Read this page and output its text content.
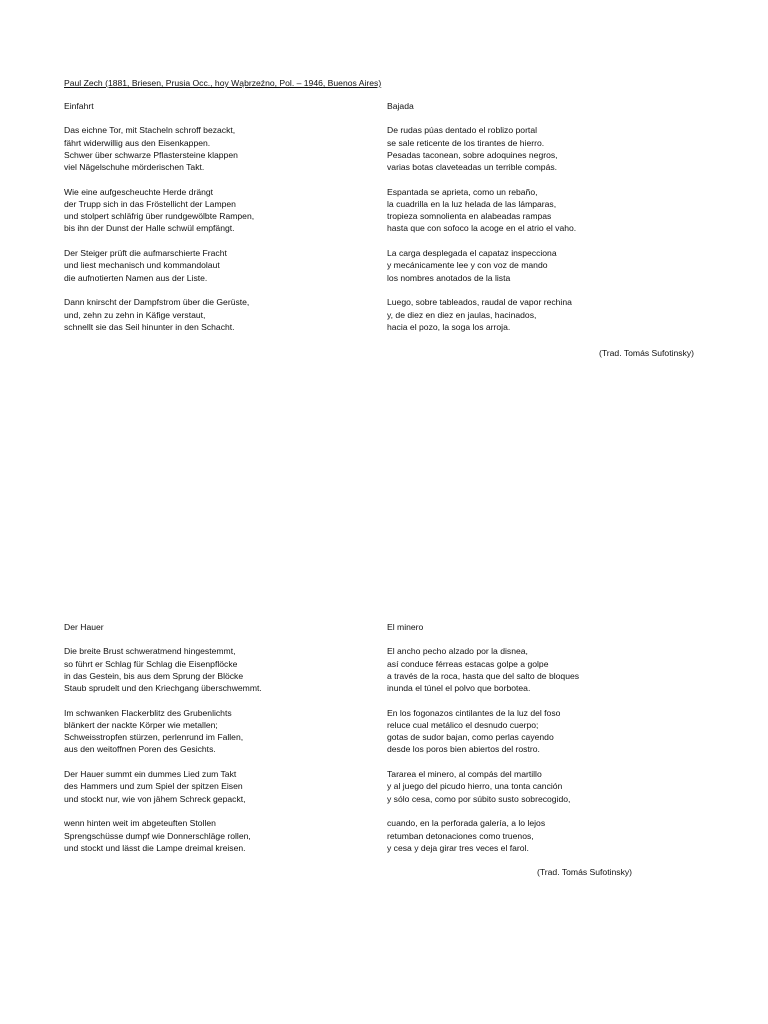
Paul Zech (1881, Briesen, Prusia Occ., hoy Wąbrzeźno, Pol. – 1946, Buenos Aires)
Einfahrt
Das eichne Tor, mit Stacheln schroff bezackt,
fährt widerwillig aus den Eisenkappen.
Schwer über schwarze Pflastersteine klappen
viel Nägelschuhe mörderischen Takt.
Wie eine aufgescheuchte Herde drängt
der Trupp sich in das Fröstellicht der Lampen
und stolpert schläfrig über rundgewölbte Rampen,
bis ihn der Dunst der Halle schwül empfängt.
Der Steiger prüft die aufmarschierte Fracht
und liest mechanisch und kommandolaut
die aufnotierten Namen aus der Liste.
Dann knirscht der Dampfstrom über die Gerüste,
und, zehn zu zehn in Käfige verstaut,
schnellt sie das Seil hinunter in den Schacht.
Bajada
De rudas púas dentado el roblizo portal
se sale reticente de los tirantes de hierro.
Pesadas taconean, sobre adoquines negros,
varias botas claveteadas un terrible compás.
Espantada se aprieta, como un rebaño,
la cuadrilla en la luz helada de las lámparas,
tropieza somnolienta en alabeadas rampas
hasta que con sofoco la acoge en el atrio el vaho.
La carga desplegada el capataz inspecciona
y mecánicamente lee y con voz de mando
los nombres anotados de la lista
Luego, sobre tableados, raudal de vapor rechina
y, de diez en diez en jaulas, hacinados,
hacia el pozo, la soga los arroja.
(Trad. Tomás Sufotinsky)
Der Hauer
Die breite Brust schweratmend hingestemmt,
so führt er Schlag für Schlag die Eisenpflöcke
in das Gestein, bis aus dem Sprung der Blöcke
Staub sprudelt und den Kriechgang überschwemmt.
Im schwanken Flackerblitz des Grubenlichts
blänkert der nackte Körper wie metallen;
Schweisstropfen stürzen, perlenrund im Fallen,
aus den weitoffnen Poren des Gesichts.
Der Hauer summt ein dummes Lied zum Takt
des Hammers und zum Spiel der spitzen Eisen
und stockt nur, wie von jähem Schreck gepackt,
wenn hinten weit im abgeteuften Stollen
Sprengschüsse dumpf wie Donnerschläge rollen,
und stockt und lässt die Lampe dreimal kreisen.
El minero
El ancho pecho alzado por la disnea,
así conduce férreas estacas golpe a golpe
a través de la roca, hasta que del salto de bloques
inunda el túnel el polvo que borbotea.
En los fogonazos cintilantes de la luz del foso
reluce cual metálico el desnudo cuerpo;
gotas de sudor bajan, como perlas cayendo
desde los poros bien abiertos del rostro.
Tararea el minero, al compás del martillo
y al juego del picudo hierro, una tonta canción
y sólo cesa, como por súbito susto sobrecogido,
cuando, en la perforada galería, a lo lejos
retumban detonaciones como truenos,
y cesa y deja girar tres veces el farol.
(Trad. Tomás Sufotinsky)
